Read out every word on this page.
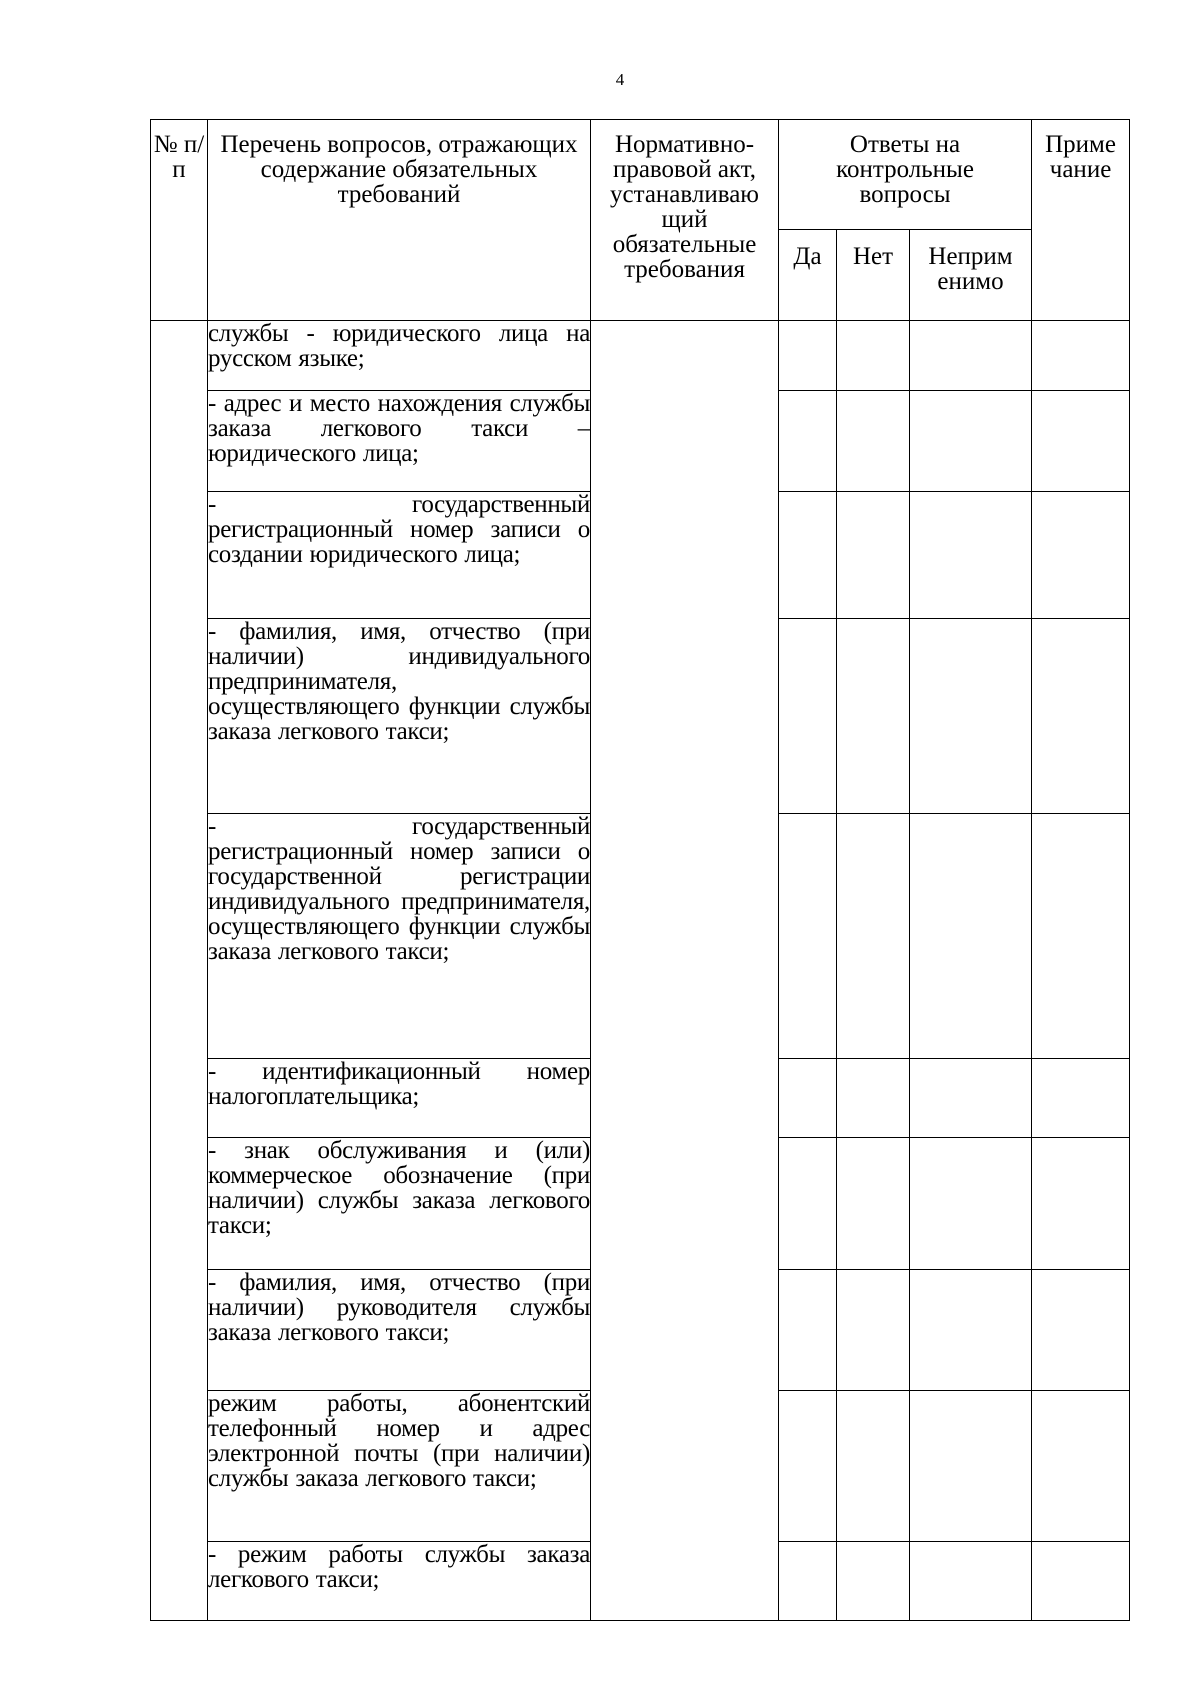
4
№ п/п	Перечень вопросов, отражающих содержание обязательных требований	Нормативно-правовой акт, устанавливаю щий обязательные требования	Ответы на контрольные вопросы			Приме чание

			Да	Нет	Неприм енимо	

	службы - юридического лица на русском языке;					

	- адрес и место нахождения службы заказа легкового такси – юридического лица;					

	- государственный регистрационный номер записи о создании юридического лица;					

	- фамилия, имя, отчество (при наличии) индивидуального предпринимателя, осуществляющего функции службы заказа легкового такси;					

	- государственный регистрационный номер записи о государственной регистрации индивидуального предпринимателя, осуществляющего функции службы заказа легкового такси;					

	- идентификационный номер налогоплательщика;					

	- знак обслуживания и (или) коммерческое обозначение (при наличии) службы заказа легкового такси;					

	- фамилия, имя, отчество (при наличии) руководителя службы заказа легкового такси;					

	режим работы, абонентский телефонный номер и адрес электронной почты (при наличии) службы заказа легкового такси;					

	- режим работы службы заказа легкового такси;					
